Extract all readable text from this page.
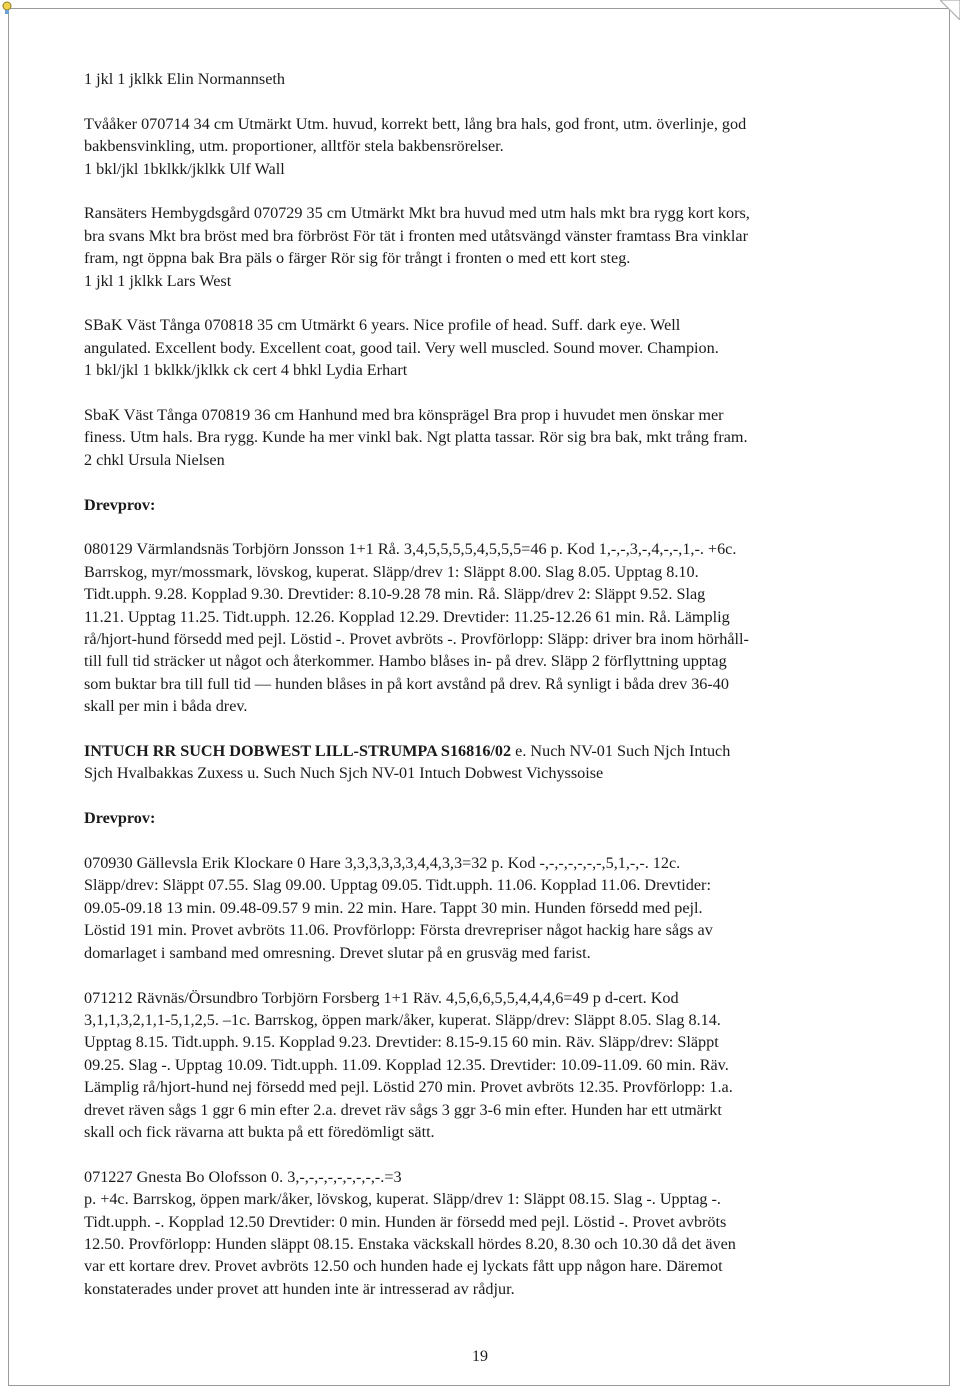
1 jkl 1 jklkk Elin Normannseth
Tvååker 070714 34 cm Utmärkt Utm. huvud, korrekt bett, lång bra hals, god front, utm. överlinje, god
bakbensvinkling, utm. proportioner, alltför stela bakbensrörelser.
1 bkl/jkl 1bklkk/jklkk Ulf Wall
Ransäters Hembygdsgård 070729 35 cm Utmärkt Mkt bra huvud med utm hals mkt bra rygg kort kors,
bra svans Mkt bra bröst med bra förbröst För tät i fronten med utåtsvängd vänster framtass Bra vinklar
fram, ngt öppna bak Bra päls o färger Rör sig för trångt i fronten o med ett kort steg.
1 jkl 1 jklkk Lars West
SBaK Väst Tånga 070818 35 cm Utmärkt 6 years. Nice profile of head. Suff. dark eye. Well
angulated. Excellent body. Excellent coat, good tail. Very well muscled. Sound mover. Champion.
1 bkl/jkl 1 bklkk/jklkk ck cert 4 bhkl Lydia Erhart
SbaK Väst Tånga 070819 36 cm Hanhund med bra könsprägel Bra prop i huvudet men önskar mer
finess. Utm hals. Bra rygg. Kunde ha mer vinkl bak. Ngt platta tassar. Rör sig bra bak, mkt trång fram.
2 chkl Ursula Nielsen
Drevprov:
080129 Värmlandsnäs Torbjörn Jonsson 1+1 Rå. 3,4,5,5,5,5,4,5,5,5=46 p. Kod 1,-,-,3,-,4,-,-,1,-. +6c.
Barrskog, myr/mossmark, lövskog, kuperat. Släpp/drev 1: Släppt 8.00. Slag 8.05. Upptag 8.10.
Tidt.upph. 9.28. Kopplad 9.30. Drevtider: 8.10-9.28 78 min. Rå. Släpp/drev 2: Släppt 9.52. Slag
11.21. Upptag 11.25. Tidt.upph. 12.26. Kopplad 12.29. Drevtider: 11.25-12.26 61 min. Rå. Lämplig
rå/hjort-hund försedd med pejl. Löstid -. Provet avbröts -. Provförlopp: Släpp: driver bra inom hörhåll-
till full tid sträcker ut något och återkommer. Hambo blåses in- på drev. Släpp 2 förflyttning upptag
som buktar bra till full tid — hunden blåses in på kort avstånd på drev. Rå synligt i båda drev 36-40
skall per min i båda drev.
INTUCH RR SUCH DOBWEST LILL-STRUMPA S16816/02 e. Nuch NV-01 Such Njch Intuch
Sjch Hvalbakkas Zuxess u. Such Nuch Sjch NV-01 Intuch Dobwest Vichyssoise
Drevprov:
070930 Gällevsla Erik Klockare 0 Hare 3,3,3,3,3,3,4,4,3,3=32 p. Kod -,-,-,-,-,-,-,5,1,-,-. 12c.
Släpp/drev: Släppt 07.55. Slag 09.00. Upptag 09.05. Tidt.upph. 11.06. Kopplad 11.06. Drevtider:
09.05-09.18 13 min. 09.48-09.57 9 min. 22 min. Hare. Tappt 30 min. Hunden försedd med pejl.
Löstid 191 min. Provet avbröts 11.06. Provförlopp: Första drevrepriser något hackig hare sågs av
domarlaget i samband med omresning. Drevet slutar på en grusväg med farist.
071212 Rävnäs/Örsundbro Torbjörn Forsberg 1+1 Räv. 4,5,6,6,5,5,4,4,4,6=49 p d-cert. Kod
3,1,1,3,2,1,1-5,1,2,5. –1c. Barrskog, öppen mark/åker, kuperat. Släpp/drev: Släppt 8.05. Slag 8.14.
Upptag 8.15. Tidt.upph. 9.15. Kopplad 9.23. Drevtider: 8.15-9.15 60 min. Räv. Släpp/drev: Släppt
09.25. Slag -. Upptag 10.09. Tidt.upph. 11.09. Kopplad 12.35. Drevtider: 10.09-11.09. 60 min. Räv.
Lämplig rå/hjort-hund nej försedd med pejl. Löstid 270 min. Provet avbröts 12.35. Provförlopp: 1.a.
drevet räven sågs 1 ggr 6 min efter 2.a. drevet räv sågs 3 ggr 3-6 min efter. Hunden har ett utmärkt
skall och fick rävarna att bukta på ett föredömligt sätt.
071227 Gnesta Bo Olofsson 0. 3,-,-,-,-,-,-,-,-,-.=3
p. +4c. Barrskog, öppen mark/åker, lövskog, kuperat. Släpp/drev 1: Släppt 08.15. Slag -. Upptag -.
Tidt.upph. -. Kopplad 12.50 Drevtider: 0 min. Hunden är försedd med pejl. Löstid -. Provet avbröts
12.50. Provförlopp: Hunden släppt 08.15. Enstaka väckskall hördes 8.20, 8.30 och 10.30 då det även
var ett kortare drev. Provet avbröts 12.50 och hunden hade ej lyckats fått upp någon hare. Däremot
konstaterades under provet att hunden inte är intresserad av rådjur.
19
